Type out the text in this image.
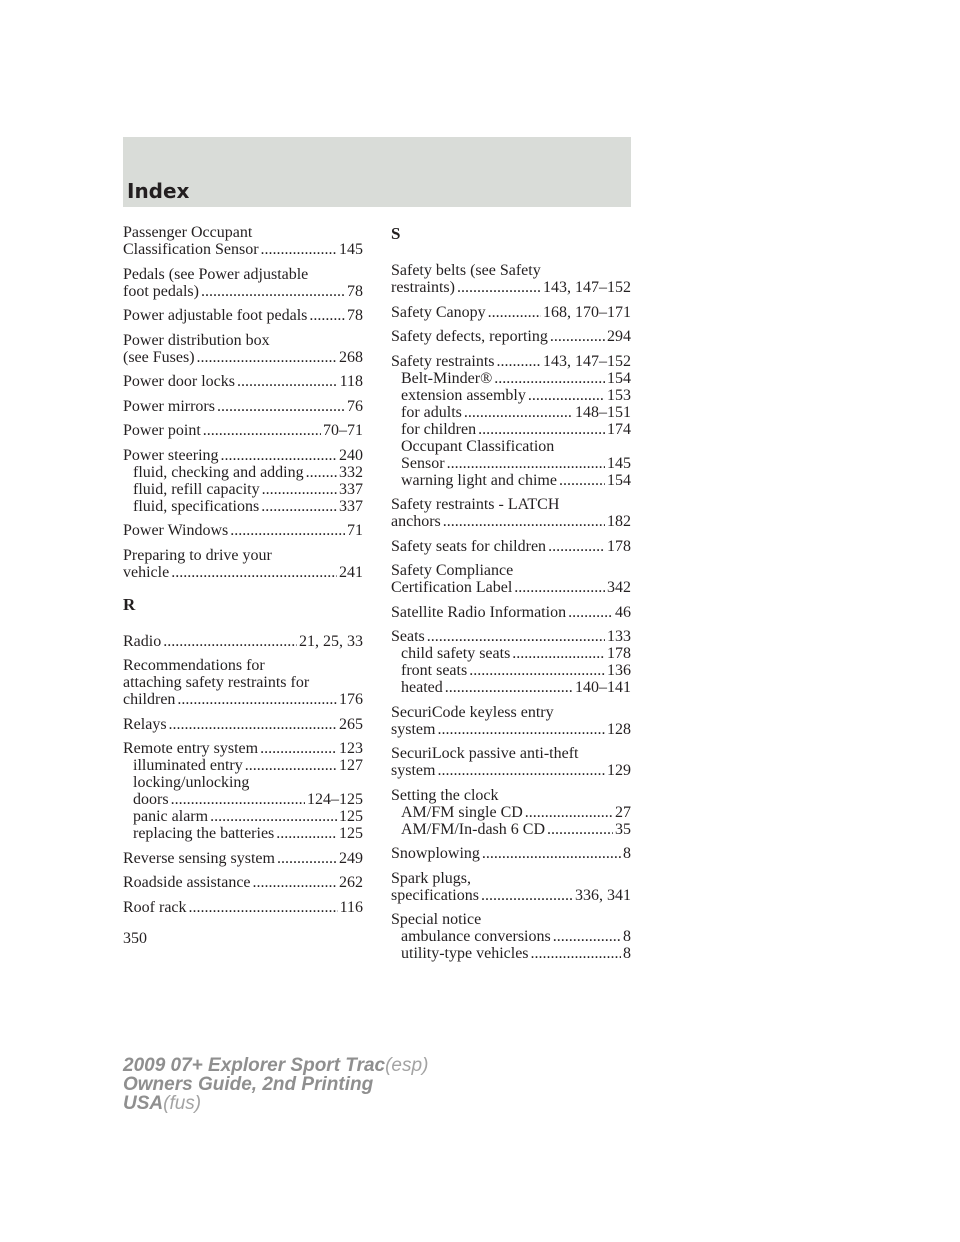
Index
Passenger Occupant
Classification Sensor .....	145
Pedals (see Power adjustable
foot pedals) .....	78
Power adjustable foot pedals ..... 78
Power distribution box
(see Fuses) .....	268
Power door locks .....	118
Power mirrors .....	76
Power point .....	70–71
Power steering .....	240
fluid, checking and adding ..... 332
fluid, refill capacity .....	337
fluid, specifications .....	337
Power Windows .....	71
Preparing to drive your
vehicle .....	241
R
Radio .....	21, 25, 33
Recommendations for
attaching safety restraints for
children .....	176
Relays .....	265
Remote entry system .....	123
illuminated entry .....	127
locking/unlocking
doors .....	124–125
panic alarm .....	125
replacing the batteries .....	125
Reverse sensing system .....	249
Roadside assistance .....	262
Roof rack .....	116
S
Safety belts (see Safety
restraints) .....	143, 147–152
Safety Canopy .....	168, 170–171
Safety defects, reporting .....	294
Safety restraints .....	143, 147–152
Belt-Minder® .....	154
extension assembly .....	153
for adults .....	148–151
for children .....	174
Occupant Classification
Sensor .....	145
warning light and chime .....	154
Safety restraints - LATCH
anchors .....	182
Safety seats for children .....	178
Safety Compliance
Certification Label .....	342
Satellite Radio Information .....	46
Seats .....	133
child safety seats .....	178
front seats .....	136
heated .....	140–141
SecuriCode keyless entry
system .....	128
SecuriLock passive anti-theft
system .....	129
Setting the clock
AM/FM single CD .....	27
AM/FM/In-dash 6 CD .....	35
Snowplowing .....	8
Spark plugs,
specifications .....	336, 341
Special notice
ambulance conversions .....	8
utility-type vehicles .....	8
350
2009 07+ Explorer Sport Trac(esp)
Owners Guide, 2nd Printing
USA(fus)
